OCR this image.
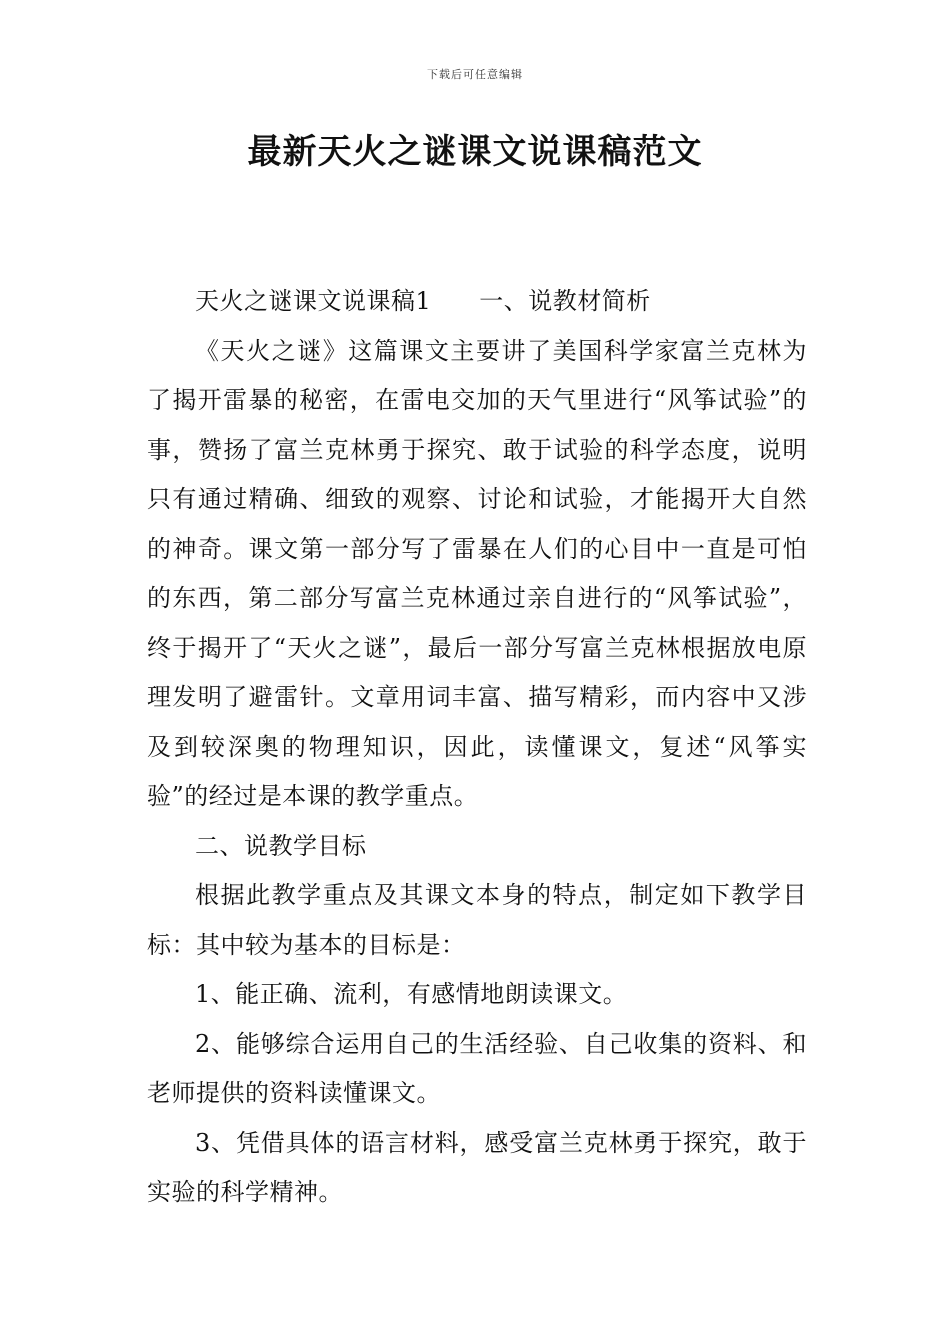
下载后可任意编辑
最新天火之谜课文说课稿范文

天火之谜课文说课稿1 一、说教材简析

《天火之谜》这篇课文主要讲了美国科学家富兰克林为了揭开雷暴的秘密，在雷电交加的天气里进行“风筝试验”的事，赞扬了富兰克林勇于探究、敢于试验的科学态度，说明只有通过精确、细致的观察、讨论和试验，才能揭开大自然的神奇。课文第一部分写了雷暴在人们的心目中一直是可怕的东西，第二部分写富兰克林通过亲自进行的“风筝试验”，终于揭开了“天火之谜”，最后一部分写富兰克林根据放电原理发明了避雷针。文章用词丰富、描写精彩，而内容中又涉及到较深奥的物理知识，因此，读懂课文，复述“风筝实验”的经过是本课的教学重点。

二、说教学目标

根据此教学重点及其课文本身的特点，制定如下教学目标：其中较为基本的目标是：

1、能正确、流利，有感情地朗读课文。

2、能够综合运用自己的生活经验、自己收集的资料、和老师提供的资料读懂课文。

3、凭借具体的语言材料，感受富兰克林勇于探究，敢于实验的科学精神。
